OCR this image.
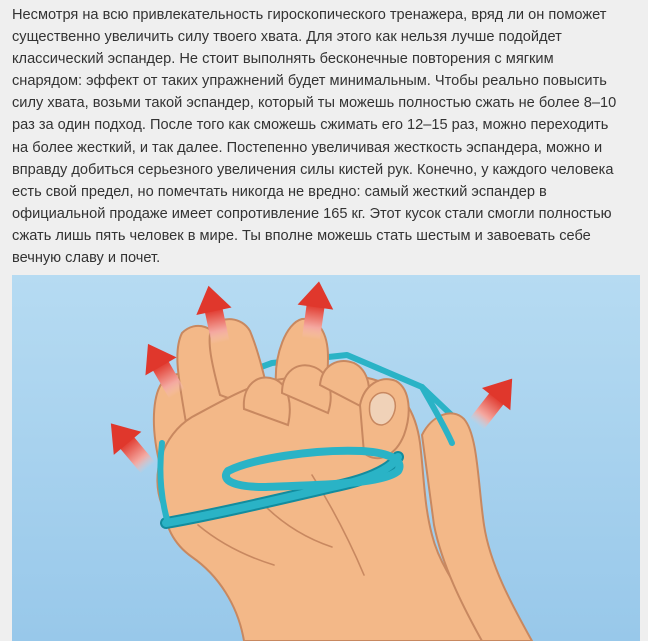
Несмотря на всю привлекательность гироскопического тренажера, вряд ли он поможет
существенно увеличить силу твоего хвата. Для этого как нельзя лучше подойдет
классический эспандер. Не стоит выполнять бесконечные повторения с мягким
снарядом: эффект от таких упражнений будет минимальным. Чтобы реально повысить
силу хвата, возьми такой эспандер, который ты можешь полностью сжать не более 8–10
раз за один подход. После того как сможешь сжимать его 12–15 раз, можно переходить
на более жесткий, и так далее. Постепенно увеличивая жесткость эспандера, можно и
вправду добиться серьезного увеличения силы кистей рук. Конечно, у каждого человека
есть свой предел, но помечтать никогда не вредно: самый жесткий эспандер в
официальной продаже имеет сопротивление 165 кг. Этот кусок стали смогли полностью
сжать лишь пять человек в мире. Ты вполне можешь стать шестым и завоевать себе
вечную славу и почет.
